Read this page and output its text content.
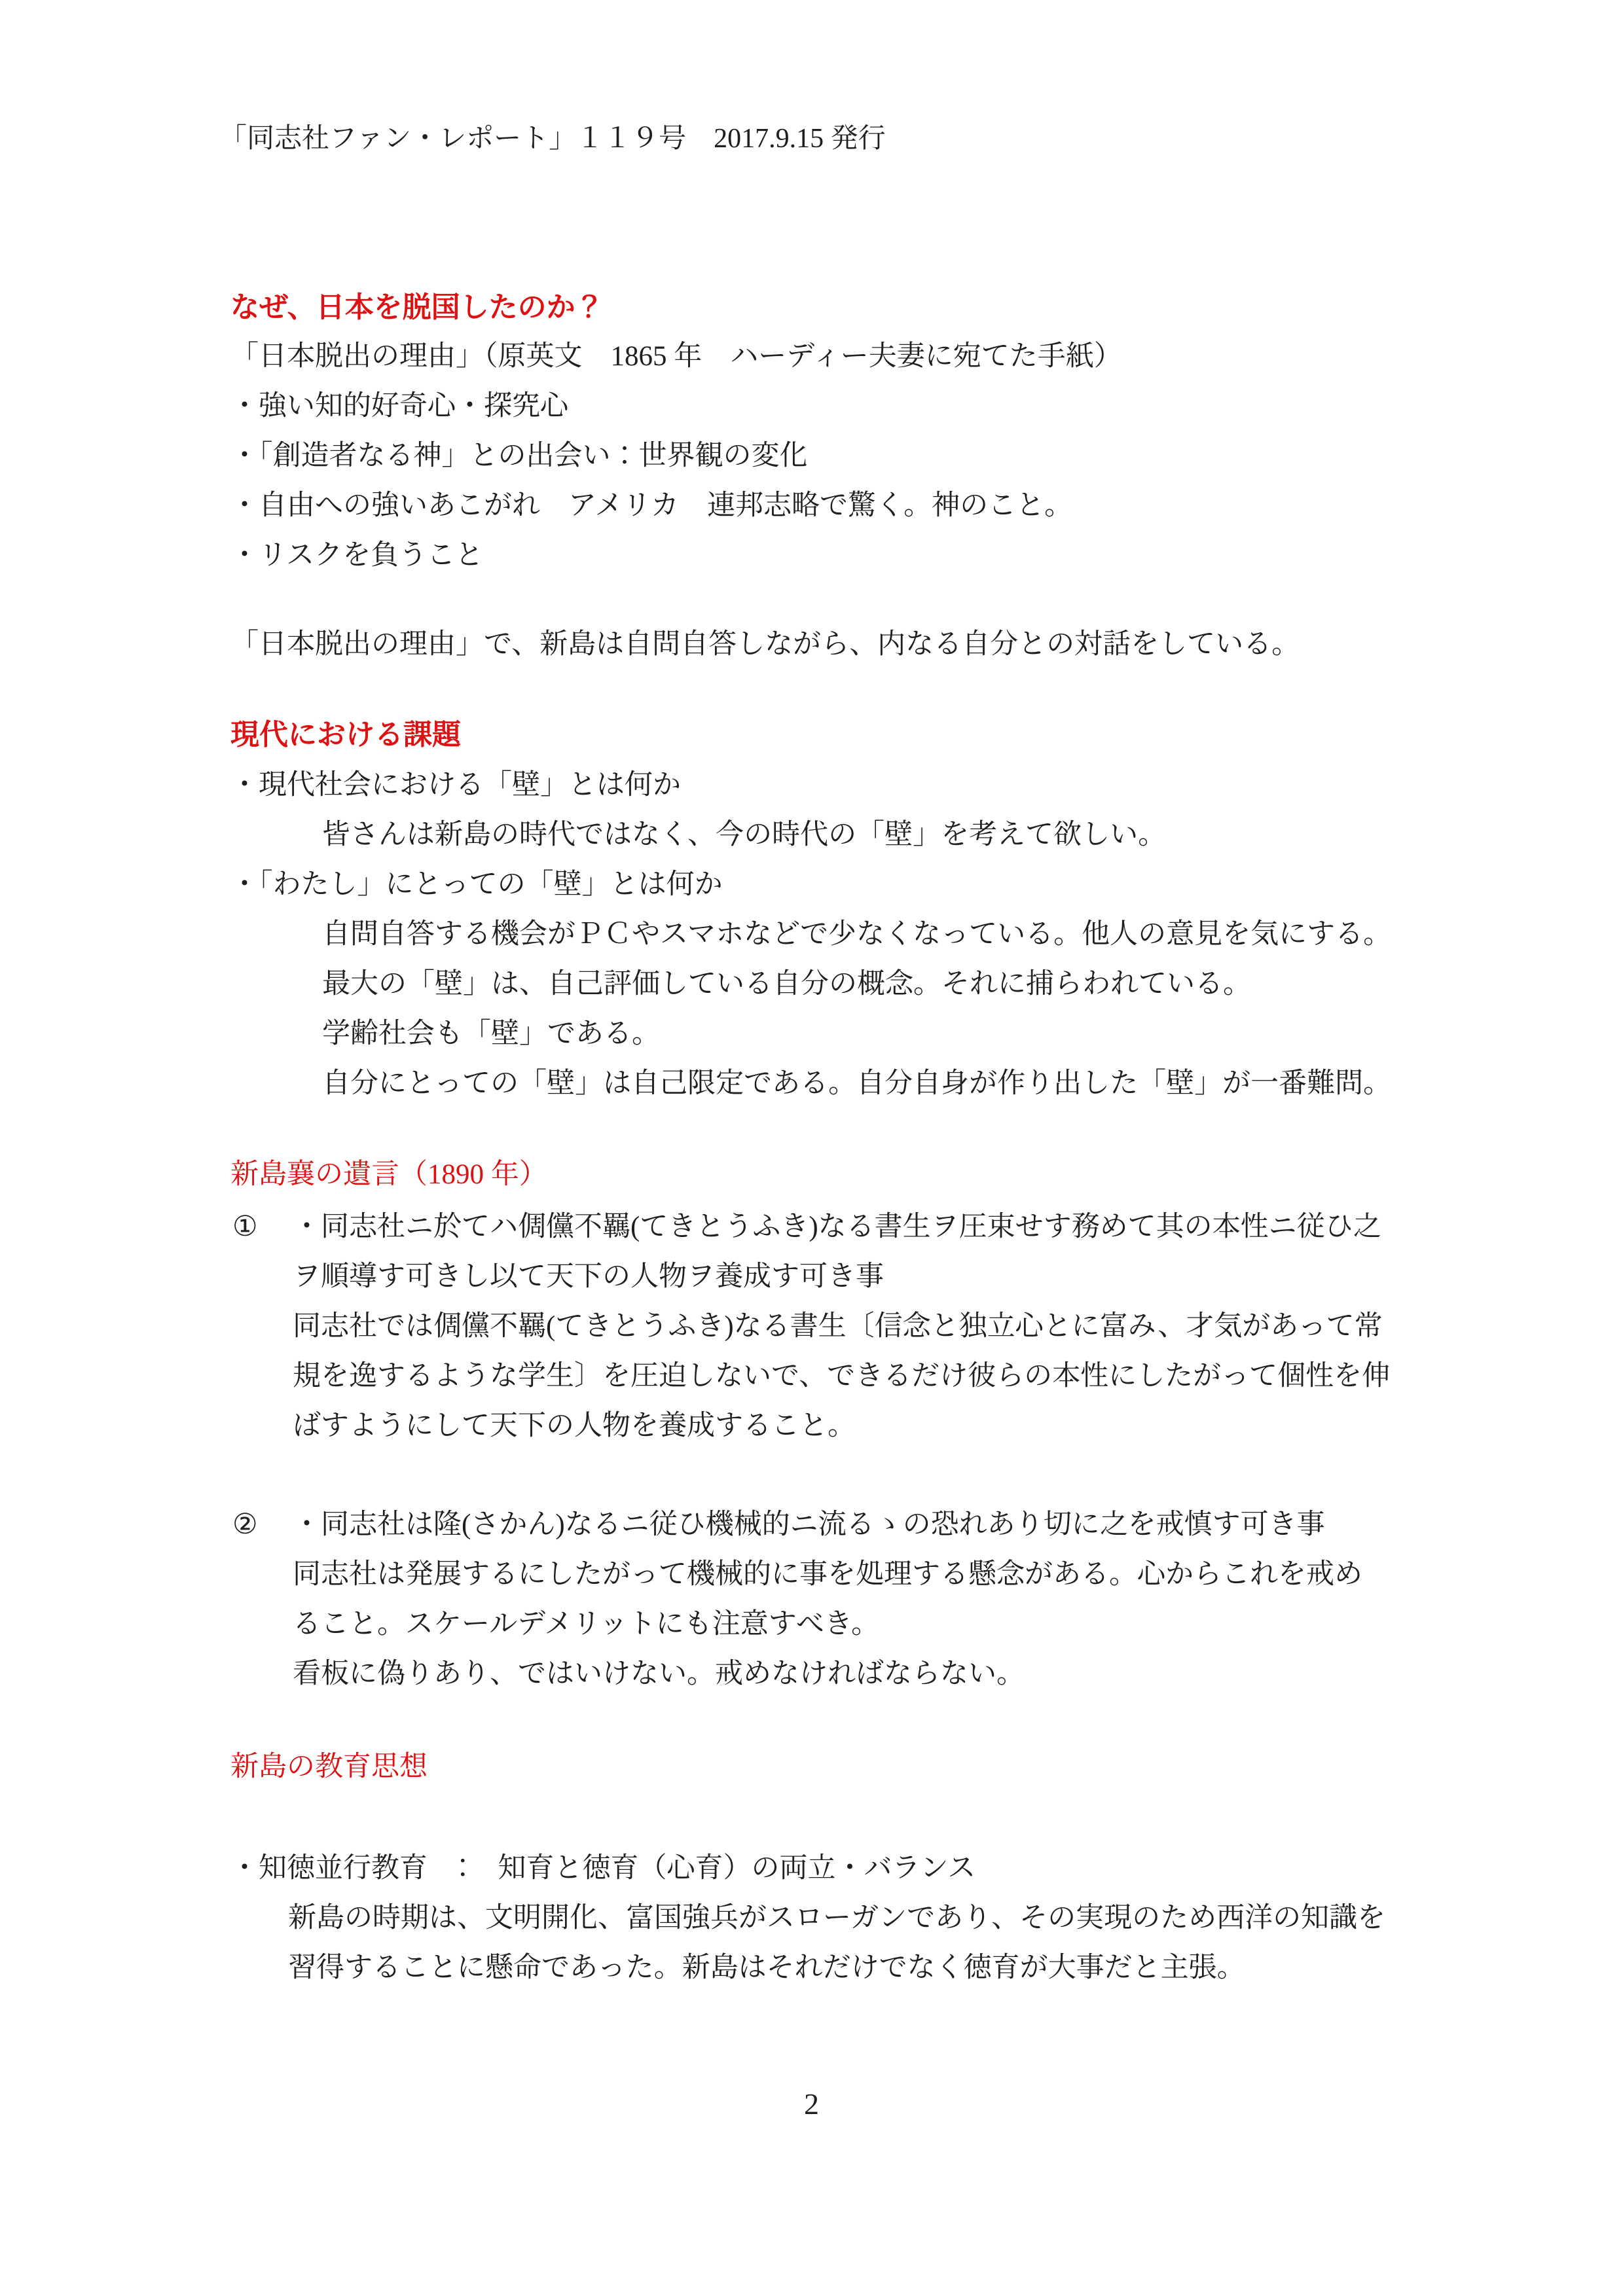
「同志社ファン・レポート」１１９号　2017.9.15 発行
なぜ、日本を脱国したのか？
「日本脱出の理由」（原英文　1865 年　ハーディー夫妻に宛てた手紙）
・強い知的好奇心・探究心
・「創造者なる神」との出会い：世界観の変化
・自由への強いあこがれ　アメリカ　連邦志略で驚く。神のこと。
・リスクを負うこと
「日本脱出の理由」で、新島は自問自答しながら、内なる自分との対話をしている。
現代における課題
・現代社会における「壁」とは何か
皆さんは新島の時代ではなく、今の時代の「壁」を考えて欲しい。
・「わたし」にとっての「壁」とは何か
自問自答する機会がＰＣやスマホなどで少なくなっている。他人の意見を気にする。
最大の「壁」は、自己評価している自分の概念。それに捕らわれている。
学齢社会も「壁」である。
自分にとっての「壁」は自己限定である。自分自身が作り出した「壁」が一番難問。
新島襄の遺言（1890 年）
① ・同志社ニ於てハ倜儻不羈(てきとうふき)なる書生ヲ圧束せす務めて其の本性ニ従ひ之
ヲ順導す可きし以て天下の人物ヲ養成す可き事
同志社では倜儻不羈(てきとうふき)なる書生〔信念と独立心とに富み、才気があって常
規を逸するような学生〕を圧迫しないで、できるだけ彼らの本性にしたがって個性を伸
ばすようにして天下の人物を養成すること。
② ・同志社は隆(さかん)なるニ従ひ機械的ニ流るゝの恐れあり切に之を戒慎す可き事
同志社は発展するにしたがって機械的に事を処理する懸念がある。心からこれを戒め
ること。スケールデメリットにも注意すべき。
看板に偽りあり、ではいけない。戒めなければならない。
新島の教育思想
・知徳並行教育　：　知育と徳育（心育）の両立・バランス
新島の時期は、文明開化、富国強兵がスローガンであり、その実現のため西洋の知識を
習得することに懸命であった。新島はそれだけでなく徳育が大事だと主張。
2
